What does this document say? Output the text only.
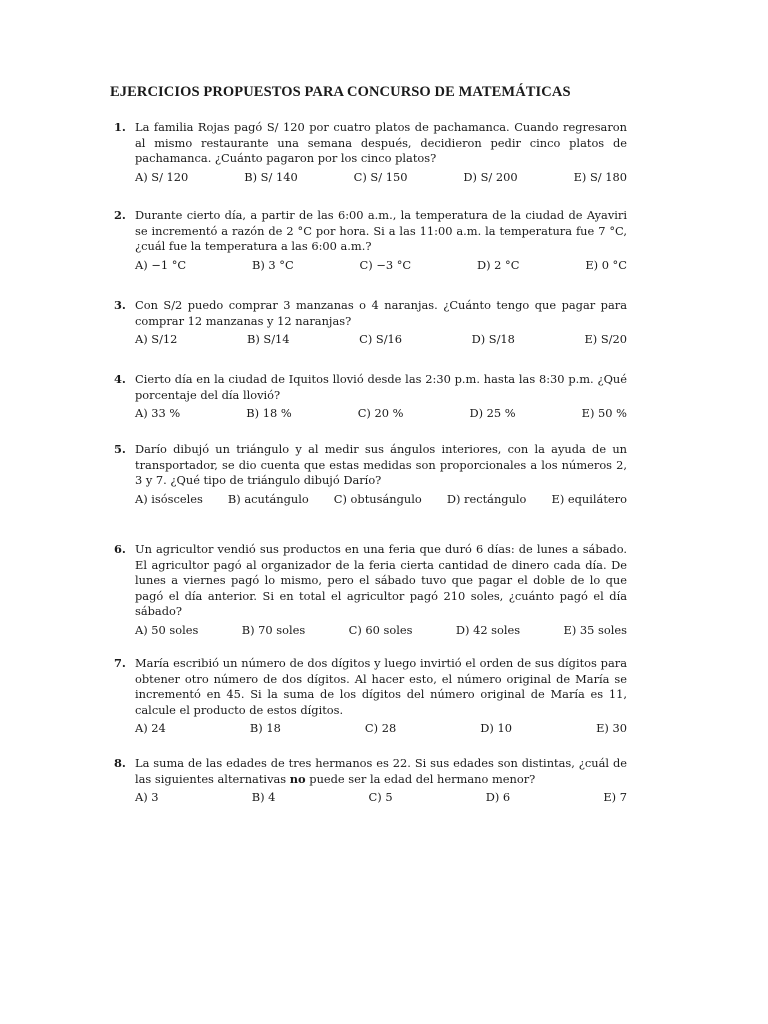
EJERCICIOS PROPUESTOS PARA CONCURSO DE MATEMÁTICAS
1. La familia Rojas pagó S/ 120 por cuatro platos de pachamanca. Cuando regresaron al mismo restaurante una semana después, decidieron pedir cinco platos de pachamanca. ¿Cuánto pagaron por los cinco platos?
A) S/ 120	B) S/ 140	C) S/ 150	D) S/ 200	E) S/ 180
2. Durante cierto día, a partir de las 6:00 a.m., la temperatura de la ciudad de Ayaviri se incrementó a razón de 2 °C por hora. Si a las 11:00 a.m. la temperatura fue 7 °C, ¿cuál fue la temperatura a las 6:00 a.m.?
A) −1 °C	B) 3 °C	C) −3 °C	D) 2 °C	E) 0 °C
3. Con S/2 puedo comprar 3 manzanas o 4 naranjas. ¿Cuánto tengo que pagar para comprar 12 manzanas y 12 naranjas?
A) S/12	B) S/14	C) S/16	D) S/18	E) S/20
4. Cierto día en la ciudad de Iquitos llovió desde las 2:30 p.m. hasta las 8:30 p.m. ¿Qué porcentaje del día llovió?
A) 33 %	B) 18 %	C) 20 %	D) 25 %	E) 50 %
5. Darío dibujó un triángulo y al medir sus ángulos interiores, con la ayuda de un transportador, se dio cuenta que estas medidas son proporcionales a los números 2, 3 y 7. ¿Qué tipo de triángulo dibujó Darío?
A) isósceles B) acutángulo C) obtusángulo D) rectángulo E) equilátero
6. Un agricultor vendió sus productos en una feria que duró 6 días: de lunes a sábado. El agricultor pagó al organizador de la feria cierta cantidad de dinero cada día. De lunes a viernes pagó lo mismo, pero el sábado tuvo que pagar el doble de lo que pagó el día anterior. Si en total el agricultor pagó 210 soles, ¿cuánto pagó el día sábado?
A) 50 soles	B) 70 soles	C) 60 soles	D) 42 soles	E) 35 soles
7. María escribió un número de dos dígitos y luego invirtió el orden de sus dígitos para obtener otro número de dos dígitos. Al hacer esto, el número original de María se incrementó en 45. Si la suma de los dígitos del número original de María es 11, calcule el producto de estos dígitos.
A) 24	B) 18	C) 28	D) 10	E) 30
8. La suma de las edades de tres hermanos es 22. Si sus edades son distintas, ¿cuál de las siguientes alternativas no puede ser la edad del hermano menor?
A) 3	B) 4	C) 5	D) 6	E) 7
